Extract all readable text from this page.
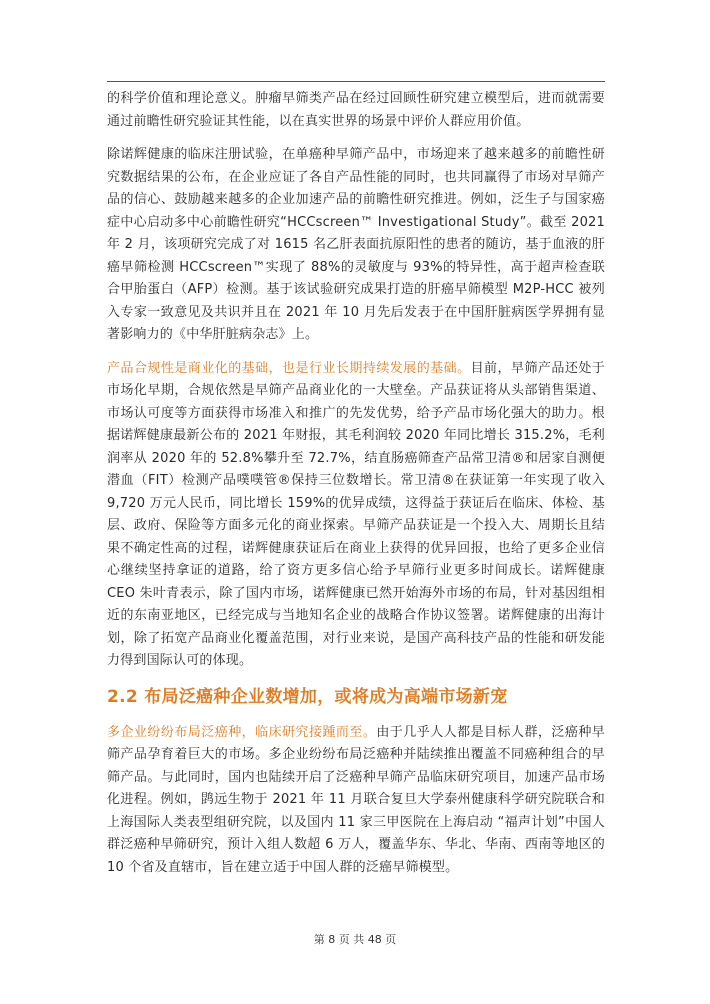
的科学价值和理论意义。肿瘤早筛类产品在经过回顾性研究建立模型后，进而就需要通过前瞻性研究验证其性能，以在真实世界的场景中评价人群应用价值。

除诺辉健康的临床注册试验，在单癌种早筛产品中，市场迎来了越来越多的前瞻性研究数据结果的公布，在企业应证了各自产品性能的同时，也共同赢得了市场对早筛产品的信心、鼓励越来越多的企业加速产品的前瞻性研究推进。例如，泛生子与国家癌症中心启动多中心前瞻性研究“HCCscreen™ Investigational Study”。截至 2021 年 2 月，该项研究完成了对 1615 名乙肝表面抗原阳性的患者的随访，基于血液的肝癌早筛检测 HCCscreen™实现了 88%的灵敏度与 93%的特异性，高于超声检查联合甲胎蛋白（AFP）检测。基于该试验研究成果打造的肝癌早筛模型 M2P-HCC 被列入专家一致意见及共识并且在 2021 年 10 月先后发表于在中国肝脏病医学界拥有显著影响力的《中华肝脏病杂志》上。

产品合规性是商业化的基础，也是行业长期持续发展的基础。目前，早筛产品还处于市场化早期，合规依然是早筛产品商业化的一大壁垒。产品获证将从头部销售渠道、市场认可度等方面获得市场准入和推广的先发优势，给予产品市场化强大的助力。根据诺辉健康最新公布的 2021 年财报，其毛利润较 2020 年同比增长 315.2%，毛利润率从 2020 年的 52.8%攀升至 72.7%，结直肠癌筛查产品常卫清®和居家自测便潜血（FIT）检测产品噗噗管®保持三位数增长。常卫清®在获证第一年实现了收入 9,720 万元人民币，同比增长 159%的优异成绩，这得益于获证后在临床、体检、基层、政府、保险等方面多元化的商业探索。早筛产品获证是一个投入大、周期长且结果不确定性高的过程，诺辉健康获证后在商业上获得的优异回报，也给了更多企业信心继续坚持拿证的道路，给了资方更多信心给予早筛行业更多时间成长。诺辉健康 CEO 朱叶青表示，除了国内市场，诺辉健康已然开始海外市场的布局，针对基因组相近的东南亚地区，已经完成与当地知名企业的战略合作协议签署。诺辉健康的出海计划，除了拓宽产品商业化覆盖范围，对行业来说，是国产高科技产品的性能和研发能力得到国际认可的体现。

2.2 布局泛癌种企业数增加，或将成为高端市场新宠

多企业纷纷布局泛癌种，临床研究接踵而至。由于几乎人人都是目标人群，泛癌种早筛产品孕育着巨大的市场。多企业纷纷布局泛癌种并陆续推出覆盖不同癌种组合的早筛产品。与此同时，国内也陆续开启了泛癌种早筛产品临床研究项目，加速产品市场化进程。例如，鹍远生物于 2021 年 11 月联合复旦大学泰州健康科学研究院联合和上海国际人类表型组研究院，以及国内 11 家三甲医院在上海启动 “福声计划”中国人群泛癌种早筛研究，预计入组人数超 6 万人，覆盖华东、华北、华南、西南等地区的 10 个省及直辖市，旨在建立适于中国人群的泛癌早筛模型。

第 8 页 共 48 页
